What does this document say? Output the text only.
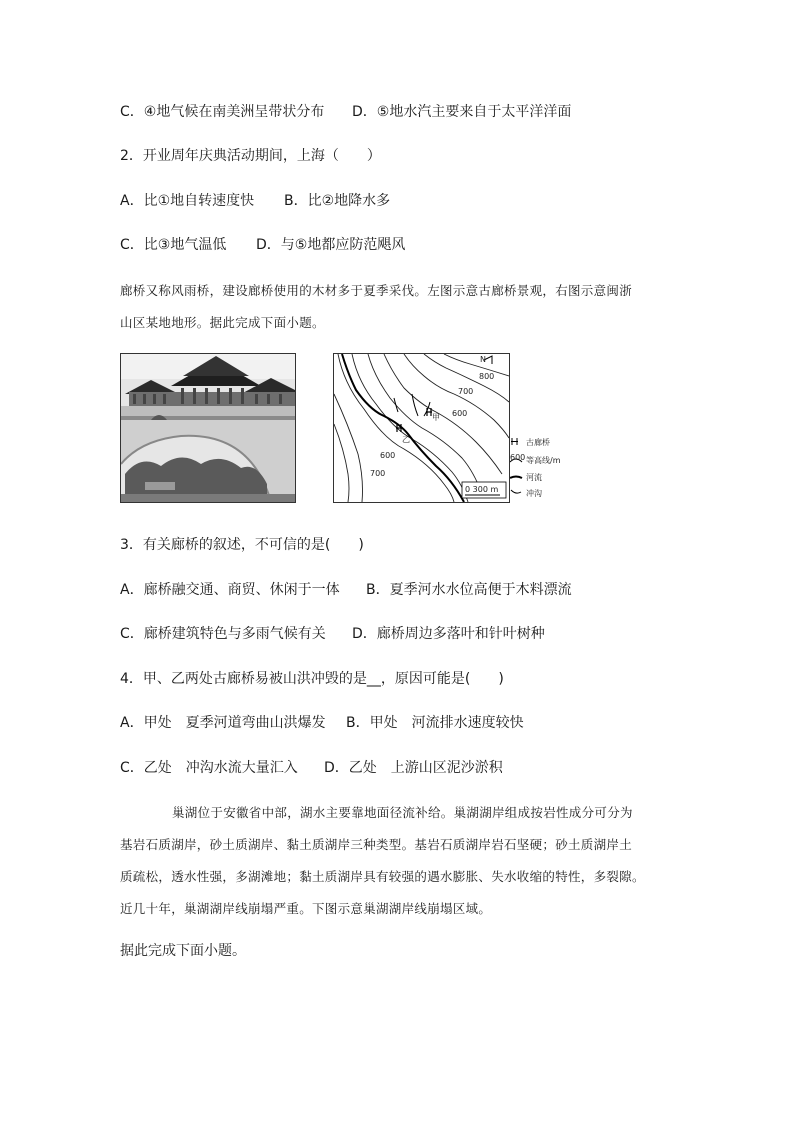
C．④地气候在南美洲呈带状分布 D．⑤地水汽主要来自于太平洋洋面
2．开业周年庆典活动期间，上海（　　）
A．比①地自转速度快 B．比②地降水多
C．比③地气温低 D．与⑤地都应防范飓风
廊桥又称风雨桥，建设廊桥使用的木材多于夏季采伐。左图示意古廊桥景观，右图示意闽浙
山区某地地形。据此完成下面小题。
N
800
700
600
600
700
甲
乙
0 300 m
600
古廊桥
等高线/m
河流
冲沟
3．有关廊桥的叙述，不可信的是(　　)
A．廊桥融交通、商贸、休闲于一体 B．夏季河水水位高便于木料漂流
C．廊桥建筑特色与多雨气候有关 D．廊桥周边多落叶和针叶树种
4．甲、乙两处古廊桥易被山洪冲毁的是__，原因可能是(　　)
A．甲处　夏季河道弯曲山洪爆发 B．甲处　河流排水速度较快
C．乙处　冲沟水流大量汇入 D．乙处　上游山区泥沙淤积
巢湖位于安徽省中部，湖水主要靠地面径流补给。巢湖湖岸组成按岩性成分可分为
基岩石质湖岸，砂土质湖岸、黏土质湖岸三种类型。基岩石质湖岸岩石坚硬；砂土质湖岸土
质疏松，透水性强，多湖滩地；黏土质湖岸具有较强的遇水膨胀、失水收缩的特性，多裂隙。
近几十年，巢湖湖岸线崩塌严重。下图示意巢湖湖岸线崩塌区域。
据此完成下面小题。
